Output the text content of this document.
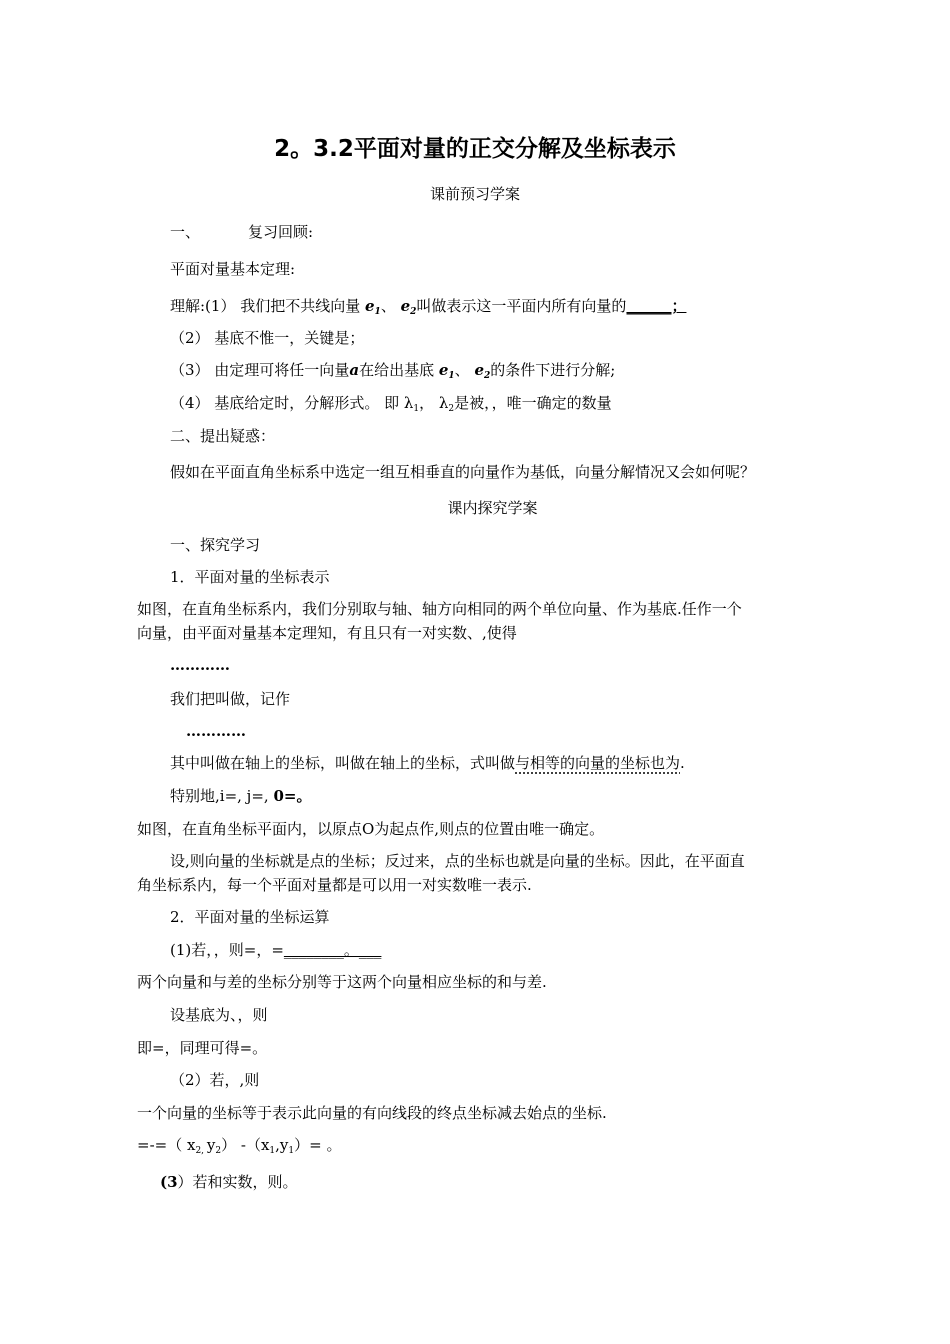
2。3.2平面对量的正交分解及坐标表示
课前预习学案
一、	复习回顾:
平面对量基本定理:
理解:(1） 我们把不共线向量 $e_1$、 $e_2$叫做表示这一平面内所有向量的______；
（2） 基底不惟一，关键是；
（3） 由定理可将任一向量a在给出基底 $e_1$、 $e_2$的条件下进行分解;
（4） 基底给定时，分解形式。 即 $\lambda_1$， $\lambda_2$是被，，唯一确定的数量
二、提出疑惑：
假如在平面直角坐标系中选定一组互相垂直的向量作为基低，向量分解情况又会如何呢？
课内探究学案
一、探究学习
1．平面对量的坐标表示
如图，在直角坐标系内，我们分别取与轴、轴方向相同的两个单位向量、作为基底.任作一个
向量，由平面对量基本定理知，有且只有一对实数、,使得
…………
我们把叫做，记作
…………
其中叫做在轴上的坐标，叫做在轴上的坐标，式叫做与相等的向量的坐标也为.
特别地,i=, j=, 0=。
如图，在直角坐标平面内，以原点O为起点作,则点的位置由唯一确定。
设,则向量的坐标就是点的坐标；反过来，点的坐标也就是向量的坐标。因此，在平面直
角坐标系内，每一个平面对量都是可以用一对实数唯一表示.
2．平面对量的坐标运算
(1)若，，则=，=________。___
两个向量和与差的坐标分别等于这两个向量相应坐标的和与差.
设基底为、，则
即=，同理可得=。
（2）若，,则
一个向量的坐标等于表示此向量的有向线段的终点坐标减去始点的坐标.
=-=（ $x_{2,}$ $y_2$） $-(x_1,y_1)=$ 。
(3）若和实数，则。
